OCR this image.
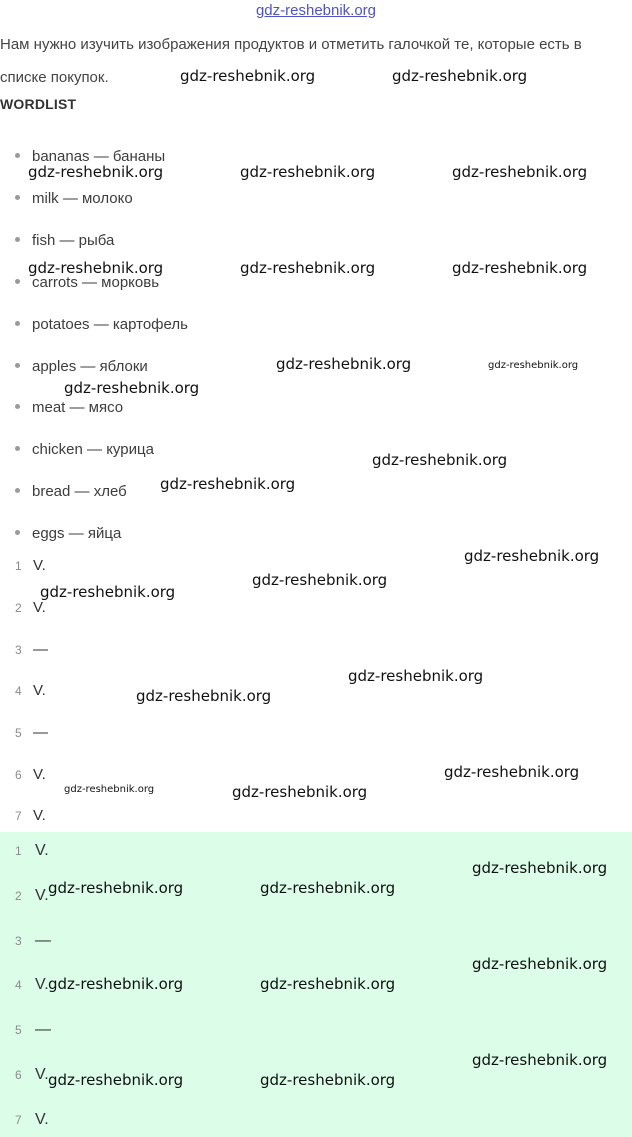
gdz-reshebnik.org
Нам нужно изучить изображения продуктов и отметить галочкой те, которые есть в списке покупок.
WORDLIST
bananas — бананы
milk — молоко
fish — рыба
carrots — морковь
potatoes — картофель
apples — яблоки
meat — мясо
chicken — курица
bread — хлеб
eggs — яйца
1 V.
2 V.
3 —
4 V.
5 —
6 V.
7 V.
1 V.
2 V.
3 —
4 V.
5 —
6 V.
7 V.
gdz-reshebnik.org	gdz-reshebnik.org
gdz-reshebnik.org	gdz-reshebnik.org	gdz-reshebnik.org
gdz-reshebnik.org	gdz-reshebnik.org	gdz-reshebnik.org
gdz-reshebnik.org	gdz-reshebnik.org
gdz-reshebnik.org
gdz-reshebnik.org
gdz-reshebnik.org
gdz-reshebnik.org
gdz-reshebnik.org
gdz-reshebnik.org
gdz-reshebnik.org
gdz-reshebnik.org
gdz-reshebnik.org
gdz-reshebnik.org	gdz-reshebnik.org
gdz-reshebnik.org
gdz-reshebnik.org	gdz-reshebnik.org
gdz-reshebnik.org
gdz-reshebnik.org	gdz-reshebnik.org
gdz-reshebnik.org
gdz-reshebnik.org	gdz-reshebnik.org
